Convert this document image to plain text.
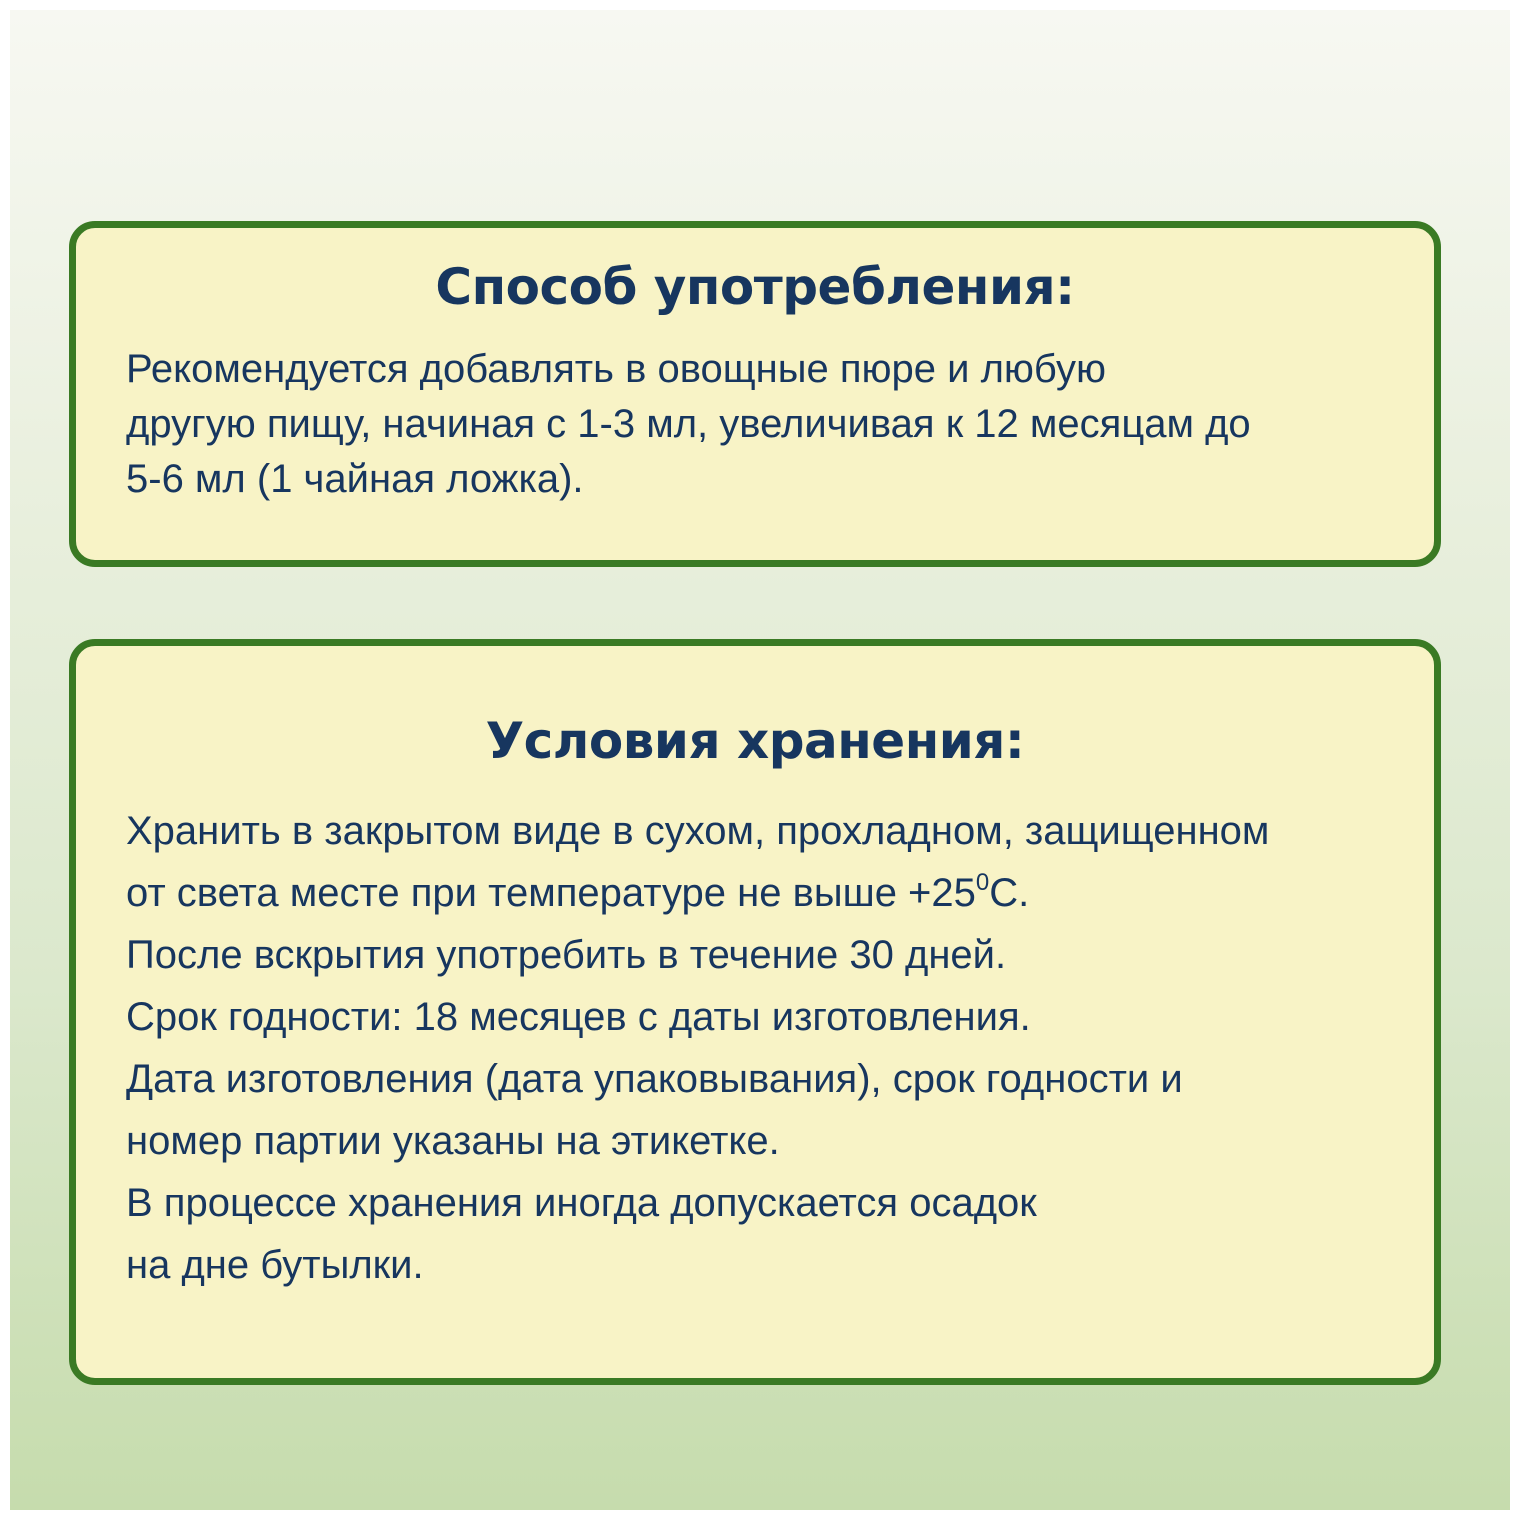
Способ употребления:
Рекомендуется добавлять в овощные пюре и любую
другую пищу, начиная с 1-3 мл, увеличивая к 12 месяцам до
5-6 мл (1 чайная ложка).
Условия хранения:
Хранить в закрытом виде в сухом, прохладном, защищенном
от света месте при температуре не выше $+25^0С$.
После вскрытия употребить в течение 30 дней.
Срок годности: 18 месяцев с даты изготовления.
Дата изготовления (дата упаковывания), срок годности и
номер партии указаны на этикетке.
В процессе хранения иногда допускается осадок
на дне бутылки.
